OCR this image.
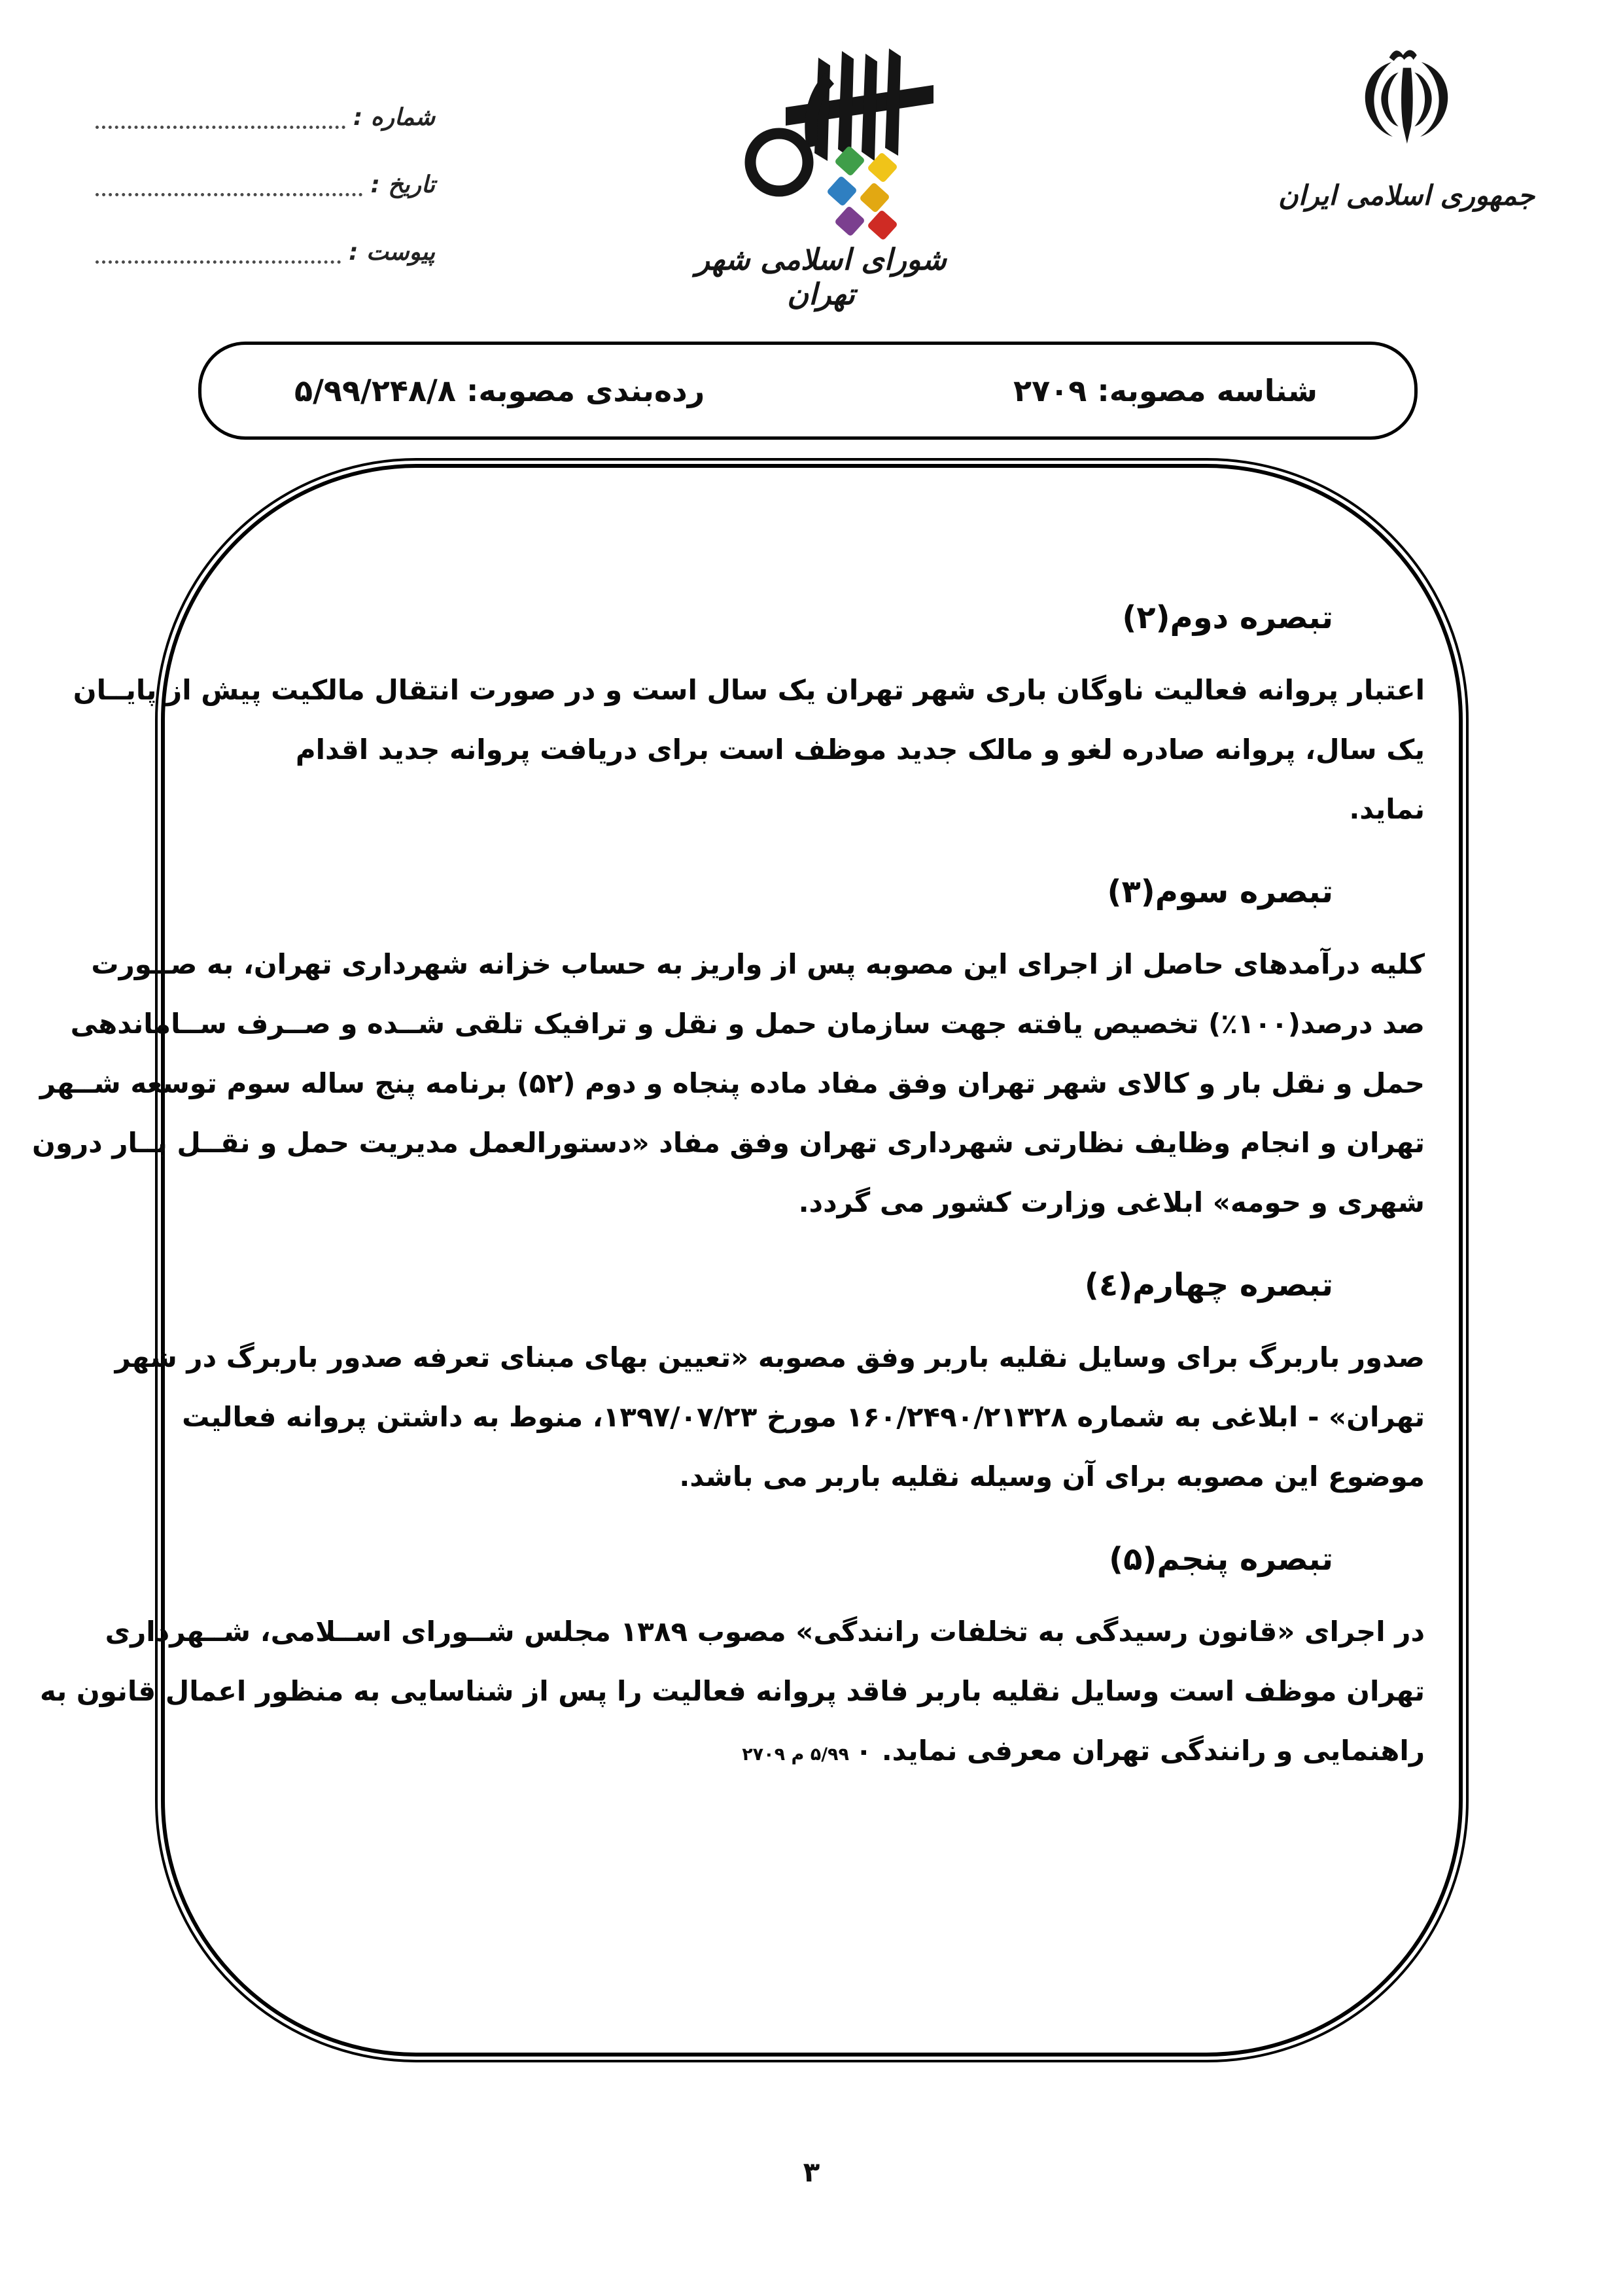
شماره :
تاریخ :
پیوست :	شورای اسلامی شهر تهران
جمهوری اسلامی ایران
شناسه مصوبه: ۲۷۰۹
رده‌بندی مصوبه: ۵/۹۹/۲۴۸/۸
تبصره دوم(۲)
اعتبار پروانه فعالیت ناوگان باری شهر تهران یک سال است و در صورت انتقال مالکیت پیش از پایــان
یک سال، پروانه صادره لغو و مالک جدید موظف است برای دریافت پروانه جدید اقدام نماید.
تبصره سوم(۳)
کلیه درآمدهای حاصل از اجرای این مصوبه پس از واریز به حساب خزانه شهرداری تهران، به صــورت
صد درصد(۱۰۰٪) تخصیص یافته جهت سازمان حمل و نقل و ترافیک تلقی شــده و صــرف ســاماندهی
حمل و نقل بار و کالای شهر تهران وفق مفاد ماده پنجاه و دوم (۵۲) برنامه پنج ساله سوم توسعه شــهر
تهران و انجام وظایف نظارتی شهرداری تهران وفق مفاد «دستورالعمل مدیریت حمل و نقــل بــار درون
شهری و حومه» ابلاغی وزارت کشور می گردد.
تبصره چهارم(٤)
صدور باربرگ برای وسایل نقلیه باربر وفق مصوبه «تعیین بهای مبنای تعرفه صدور باربرگ در شهر
تهران» - ابلاغی به شماره ۱۶۰/۲۴۹۰/۲۱۳۲۸ مورخ ۱۳۹۷/۰۷/۲۳، منوط به داشتن پروانه فعالیت
موضوع این مصوبه برای آن وسیله نقلیه باربر می باشد.
تبصره پنجم(۵)
در اجرای «قانون رسیدگی به تخلفات رانندگی» مصوب ۱۳۸۹ مجلس شــورای اســلامی، شــهرداری
تهران موظف است وسایل نقلیه باربر فاقد پروانه فعالیت را پس از شناسایی به منظور اعمال قانون به
راهنمایی و رانندگی تهران معرفی نماید. ۰ ۵/۹۹ م ۲۷۰۹
۳
